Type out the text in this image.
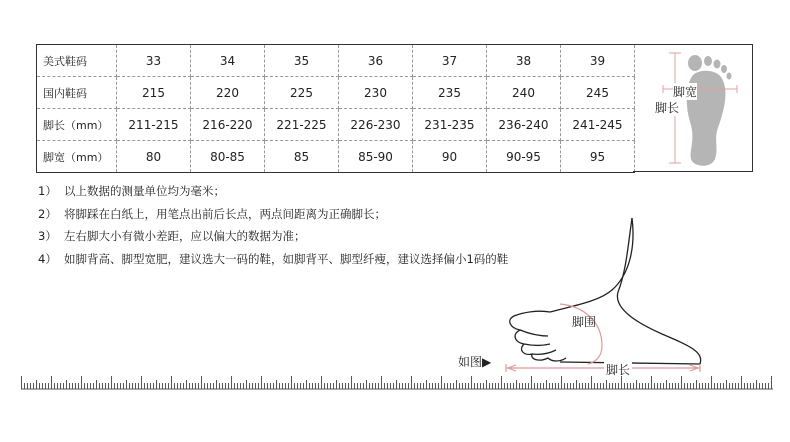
美式鞋码	33	34	35	36	37	38	39
国内鞋码	215	220	225	230	235	240	245
脚长（mm）	211-215	216-220	221-225	226-230	231-235	236-240	241-245
脚宽（mm）	80	80-85	85	85-90	90	90-95	95
脚宽
脚长
1） 以上数据的测量单位均为毫米；
2） 将脚踩在白纸上，用笔点出前后长点，两点间距离为正确脚长；
3） 左右脚大小有微小差距，应以偏大的数据为准；
4） 如脚背高、脚型宽肥，建议选大一码的鞋，如脚背平、脚型纤瘦，建议选择偏小1码的鞋
脚围
脚长
如图▶
